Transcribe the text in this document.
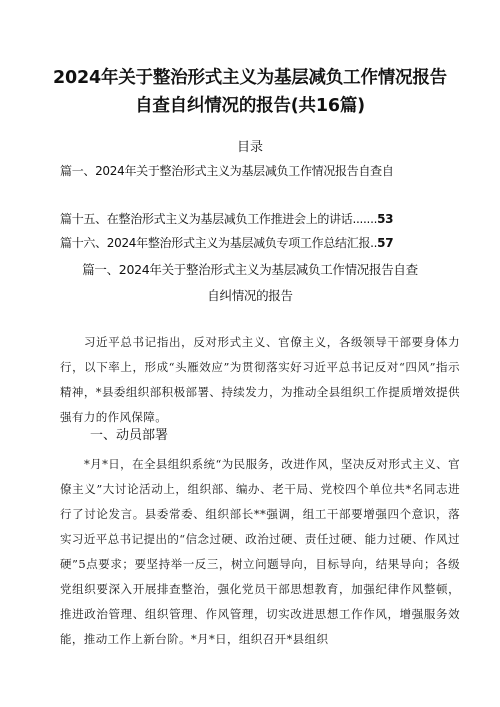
2024年关于整治形式主义为基层减负工作情况报告
自查自纠情况的报告(共16篇)
目录
篇一、2024年关于整治形式主义为基层减负工作情况报告自查自
篇十五、在整治形式主义为基层减负工作推进会上的讲话.......53
篇十六、2024年整治形式主义为基层减负专项工作总结汇报..57
篇一、2024年关于整治形式主义为基层减负工作情况报告自查
自纠情况的报告
习近平总书记指出，反对形式主义、官僚主义，各级领导干部要身体力行，以下率上，形成“头雁效应”为贯彻落实好习近平总书记反对“四风”指示精神，*县委组织部积极部署、持续发力，为推动全县组织工作提质增效提供强有力的作风保障。
一、动员部署
*月*日，在全县组织系统“为民服务，改进作风，坚决反对形式主义、官僚主义”大讨论活动上，组织部、编办、老干局、党校四个单位共*名同志进行了讨论发言。县委常委、组织部长**强调，组工干部要增强四个意识，落实习近平总书记提出的“信念过硬、政治过硬、责任过硬、能力过硬、作风过硬”5点要求；要坚持举一反三，树立问题导向，目标导向，结果导向；各级党组织要深入开展排查整治，强化党员干部思想教育，加强纪律作风整顿，推进政治管理、组织管理、作风管理，切实改进思想工作作风，增强服务效能，推动工作上新台阶。*月*日，组织召开*县组织
